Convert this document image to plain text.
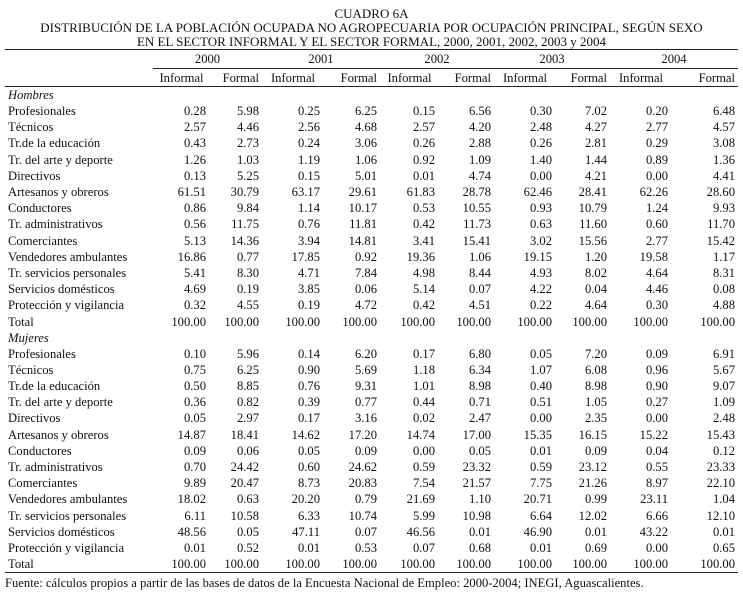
CUADRO 6A
DISTRIBUCIÓN DE LA POBLACIÓN OCUPADA NO AGROPECUARIA POR OCUPACIÓN PRINCIPAL, SEGÚN SEXO
EN EL SECTOR INFORMAL Y EL SECTOR FORMAL, 2000, 2001, 2002, 2003 y 2004
	2000		2001		2002		2003		2004	
	Informal	Formal	Informal	Formal	Informal	Formal	Informal	Formal	Informal	Formal
Hombres										
Profesionales	0.28	5.98	0.25	6.25	0.15	6.56	0.30	7.02	0.20	6.48
Técnicos	2.57	4.46	2.56	4.68	2.57	4.20	2.48	4.27	2.77	4.57
Tr.de la educación	0.43	2.73	0.24	3.06	0.26	2.88	0.26	2.81	0.29	3.08
Tr. del arte y deporte	1.26	1.03	1.19	1.06	0.92	1.09	1.40	1.44	0.89	1.36
Directivos	0.13	5.25	0.15	5.01	0.01	4.74	0.00	4.21	0.00	4.41
Artesanos y obreros	61.51	30.79	63.17	29.61	61.83	28.78	62.46	28.41	62.26	28.60
Conductores	0.86	9.84	1.14	10.17	0.53	10.55	0.93	10.79	1.24	9.93
Tr. administrativos	0.56	11.75	0.76	11.81	0.42	11.73	0.63	11.60	0.60	11.70
Comerciantes	5.13	14.36	3.94	14.81	3.41	15.41	3.02	15.56	2.77	15.42
Vendedores ambulantes	16.86	0.77	17.85	0.92	19.36	1.06	19.15	1.20	19.58	1.17
Tr. servicios personales	5.41	8.30	4.71	7.84	4.98	8.44	4.93	8.02	4.64	8.31
Servicios domésticos	4.69	0.19	3.85	0.06	5.14	0.07	4.22	0.04	4.46	0.08
Protección y vigilancia	0.32	4.55	0.19	4.72	0.42	4.51	0.22	4.64	0.30	4.88
Total	100.00	100.00	100.00	100.00	100.00	100.00	100.00	100.00	100.00	100.00
Mujeres										
Profesionales	0.10	5.96	0.14	6.20	0.17	6.80	0.05	7.20	0.09	6.91
Técnicos	0.75	6.25	0.90	5.69	1.18	6.34	1.07	6.08	0.96	5.67
Tr.de la educación	0.50	8.85	0.76	9.31	1.01	8.98	0.40	8.98	0.90	9.07
Tr. del arte y deporte	0.36	0.82	0.39	0.77	0.44	0.71	0.51	1.05	0.27	1.09
Directivos	0.05	2.97	0.17	3.16	0.02	2.47	0.00	2.35	0.00	2.48
Artesanos y obreros	14.87	18.41	14.62	17.20	14.74	17.00	15.35	16.15	15.22	15.43
Conductores	0.09	0.06	0.05	0.09	0.00	0.05	0.01	0.09	0.04	0.12
Tr. administrativos	0.70	24.42	0.60	24.62	0.59	23.32	0.59	23.12	0.55	23.33
Comerciantes	9.89	20.47	8.73	20.83	7.54	21.57	7.75	21.26	8.97	22.10
Vendedores ambulantes	18.02	0.63	20.20	0.79	21.69	1.10	20.71	0.99	23.11	1.04
Tr. servicios personales	6.11	10.58	6.33	10.74	5.99	10.98	6.64	12.02	6.66	12.10
Servicios domésticos	48.56	0.05	47.11	0.07	46.56	0.01	46.90	0.01	43.22	0.01
Protección y vigilancia	0.01	0.52	0.01	0.53	0.07	0.68	0.01	0.69	0.00	0.65
Total	100.00	100.00	100.00	100.00	100.00	100.00	100.00	100.00	100.00	100.00
Fuente: cálculos propios a partir de las bases de datos de la Encuesta Nacional de Empleo: 2000-2004; INEGI, Aguascalientes.
